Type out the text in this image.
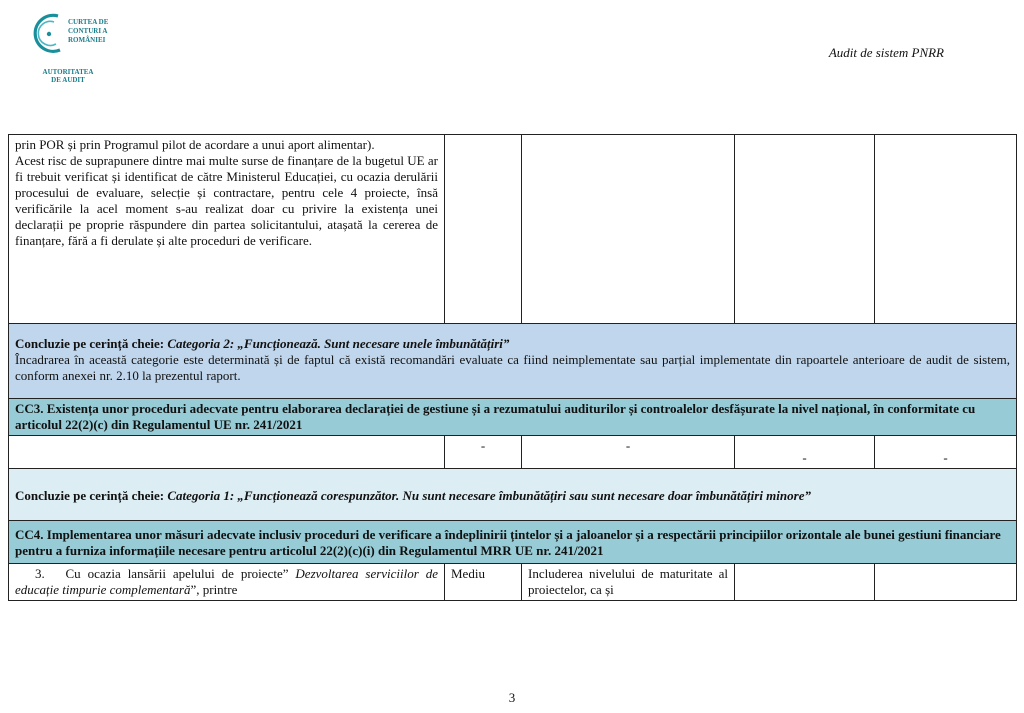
CURTEA DE
CONTURI A
ROMÂNIEI
AUTORITATEA
DE AUDIT
Audit de sistem PNRR
prin POR și prin Programul pilot de acordare a unui aport alimentar).
Acest risc de suprapunere dintre mai multe surse de finanțare de la bugetul UE ar fi trebuit verificat și identificat de către Ministerul Educației, cu ocazia derulării procesului de evaluare, selecție și contractare, pentru cele 4 proiecte, însă verificările la acel moment s-au realizat doar cu privire la existența unei declarații pe proprie răspundere din partea solicitantului, atașată la cererea de finanțare, fără a fi derulate și alte proceduri de verificare.				

Concluzie pe cerință cheie: Categoria 2: „Funcționează. Sunt necesare unele îmbunătățiri”
Încadrarea în această categorie este determinată și de faptul că există recomandări evaluate ca fiind neimplementate sau parțial implementate din rapoartele anterioare de audit de sistem, conform anexei nr. 2.10 la prezentul raport.				

CC3. Existența unor proceduri adecvate pentru elaborarea declarației de gestiune și a rezumatului auditurilor și controalelor desfășurate la nivel național, în conformitate cu articolul 22(2)(c) din Regulamentul UE nr. 241/2021				
	-	-	-	-

Concluzie pe cerință cheie: Categoria 1: „Funcționează corespunzător. Nu sunt necesare îmbunătățiri sau sunt necesare doar îmbunătățiri minore”				

CC4. Implementarea unor măsuri adecvate inclusiv proceduri de verificare a îndeplinirii țintelor și a jaloanelor și a respectării principiilor orizontale ale bunei gestiuni financiare pentru a furniza informațiile necesare pentru articolul 22(2)(c)(i) din Regulamentul MRR UE nr. 241/2021				
3. Cu ocazia lansării apelului de proiecte” Dezvoltarea serviciilor de educație timpurie complementară”, printre	Mediu	Includerea nivelului de maturitate al proiectelor, ca și		
3
